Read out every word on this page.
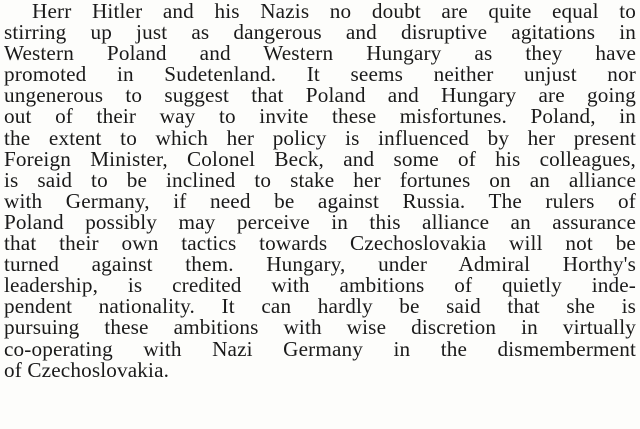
Herr Hitler and his Nazis no doubt are quite equal to
stirring up just as dangerous and disruptive agitations in
Western Poland and Western Hungary as they have
promoted in Sudetenland. It seems neither unjust nor
ungenerous to suggest that Poland and Hungary are going
out of their way to invite these misfortunes. Poland, in
the extent to which her policy is influenced by her present
Foreign Minister, Colonel Beck, and some of his colleagues,
is said to be inclined to stake her fortunes on an alliance
with Germany, if need be against Russia. The rulers of
Poland possibly may perceive in this alliance an assurance
that their own tactics towards Czechoslovakia will not be
turned against them. Hungary, under Admiral Horthy's
leadership, is credited with ambitions of quietly inde-
pendent nationality. It can hardly be said that she is
pursuing these ambitions with wise discretion in virtually
co-operating with Nazi Germany in the dismemberment
of Czechoslovakia.
